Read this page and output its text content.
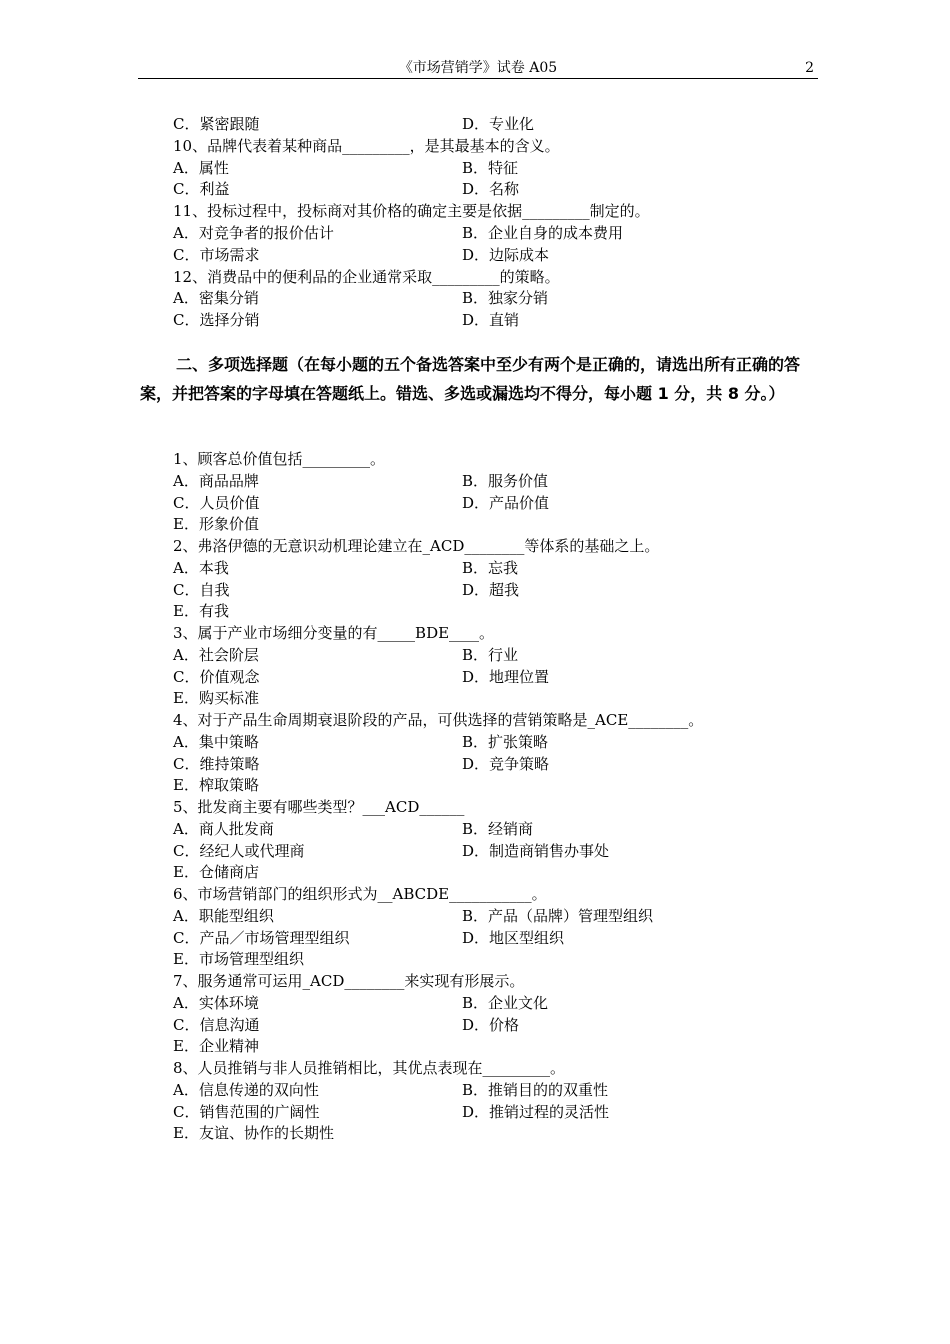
《市场营销学》试卷 A05	2
C．紧密跟随	D．专业化
10、品牌代表着某种商品_________，是其最基本的含义。
A．属性	B．特征
C．利益	D．名称
11、投标过程中，投标商对其价格的确定主要是依据_________制定的。
A．对竞争者的报价估计	B．企业自身的成本费用
C．市场需求	D．边际成本
12、消费品中的便利品的企业通常采取_________的策略。
A．密集分销	B．独家分销
C．选择分销	D．直销
二、多项选择题（在每小题的五个备选答案中至少有两个是正确的，请选出所有正确的答案，并把答案的字母填在答题纸上。错选、多选或漏选均不得分，每小题 1 分，共 8 分。）
1、顾客总价值包括_________。
A．商品品牌	B．服务价值
C．人员价值	D．产品价值
E．形象价值
2、弗洛伊德的无意识动机理论建立在_ACD________等体系的基础之上。
A．本我	B．忘我
C．自我	D．超我
E．有我
3、属于产业市场细分变量的有_____BDE____。
A．社会阶层	B．行业
C．价值观念	D．地理位置
E．购买标准
4、对于产品生命周期衰退阶段的产品，可供选择的营销策略是_ACE________。
A．集中策略	B．扩张策略
C．维持策略	D．竞争策略
E．榨取策略
5、批发商主要有哪些类型？___ACD______
A．商人批发商	B．经销商
C．经纪人或代理商	D．制造商销售办事处
E．仓储商店
6、市场营销部门的组织形式为__ABCDE___________。
A．职能型组织	B．产品（品牌）管理型组织
C．产品／市场管理型组织	D．地区型组织
E．市场管理型组织
7、服务通常可运用_ACD________来实现有形展示。
A．实体环境	B．企业文化
C．信息沟通	D．价格
E．企业精神
8、人员推销与非人员推销相比，其优点表现在_________。
A．信息传递的双向性	B．推销目的的双重性
C．销售范围的广阔性	D．推销过程的灵活性
E．友谊、协作的长期性
